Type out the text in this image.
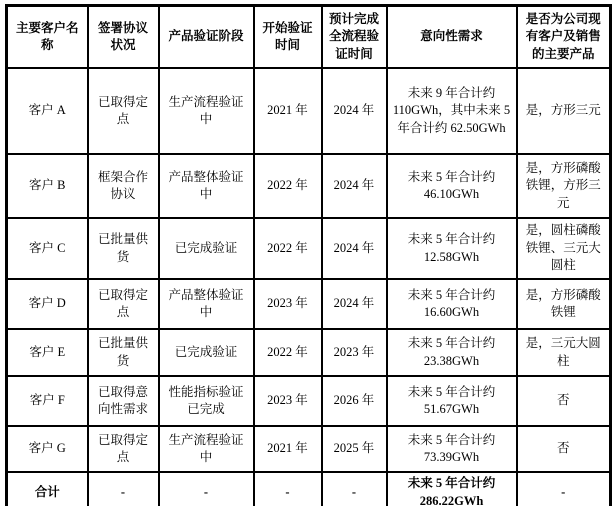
主要客户名称	签署协议状况	产品验证阶段	开始验证时间	预计完成全流程验证时间	意向性需求	是否为公司现有客户及销售的主要产品
客户 A	已取得定点	生产流程验证中	2021 年	2024 年	未来 9 年合计约 110GWh，其中未来 5 年合计约 62.50GWh	是，方形三元
客户 B	框架合作协议	产品整体验证中	2022 年	2024 年	未来 5 年合计约 46.10GWh	是，方形磷酸铁锂，方形三元
客户 C	已批量供货	已完成验证	2022 年	2024 年	未来 5 年合计约 12.58GWh	是，圆柱磷酸铁锂、三元大圆柱
客户 D	已取得定点	产品整体验证中	2023 年	2024 年	未来 5 年合计约 16.60GWh	是，方形磷酸铁锂
客户 E	已批量供货	已完成验证	2022 年	2023 年	未来 5 年合计约 23.38GWh	是，三元大圆柱
客户 F	已取得意向性需求	性能指标验证已完成	2023 年	2026 年	未来 5 年合计约 51.67GWh	否
客户 G	已取得定点	生产流程验证中	2021 年	2025 年	未来 5 年合计约 73.39GWh	否
合计	-	-	-	-	未来 5 年合计约 286.22GWh	-
